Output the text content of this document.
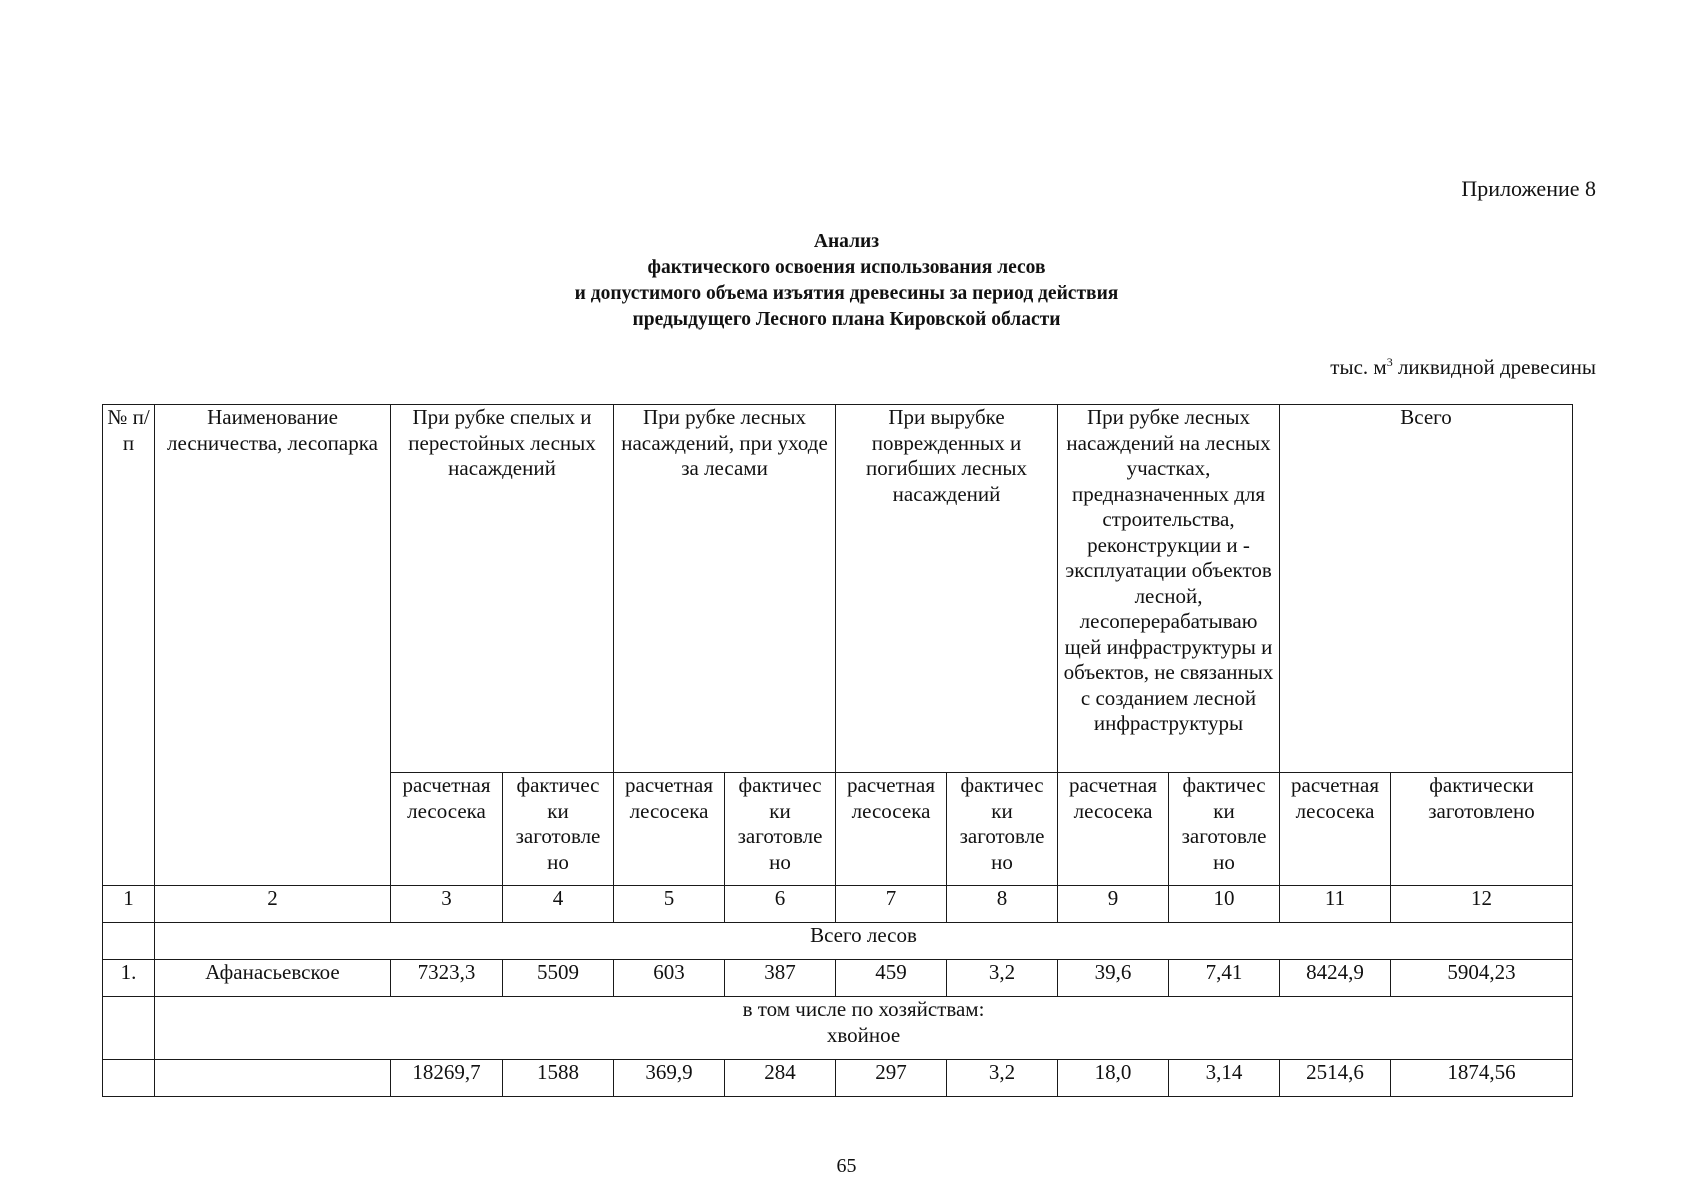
Приложение 8
Анализ
фактического освоения использования лесов
и допустимого объема изъятия древесины за период действия
предыдущего Лесного плана Кировской области
тыс. $м^3$ ликвидной древесины
№ п/п	Наименование лесничества, лесопарка	При рубке спелых и перестойных лесных насаждений		При рубке лесных насаждений, при уходе за лесами		При вырубке поврежденных и погибших лесных насаждений		При рубке лесных насаждений на лесных участках, предназначенных для строительства, реконструкции и - эксплуатации объектов лесной, лесоперерабатываю щей инфраструктуры и объектов, не связанных с созданием лесной инфраструктуры		Всего	
		расчетная лесосека	фактичес ки заготовле но	расчетная лесосека	фактичес ки заготовле но	расчетная лесосека	фактичес ки заготовле но	расчетная лесосека	фактичес ки заготовле но	расчетная лесосека	фактически заготовлено
1	2	3	4	5	6	7	8	9	10	11	12
	Всего лесов										
1.	Афанасьевское	7323,3	5509	603	387	459	3,2	39,6	7,41	8424,9	5904,23

	в том числе по хозяйствам:
хвойное										

		18269,7	1588	369,9	284	297	3,2	18,0	3,14	2514,6	1874,56
65
